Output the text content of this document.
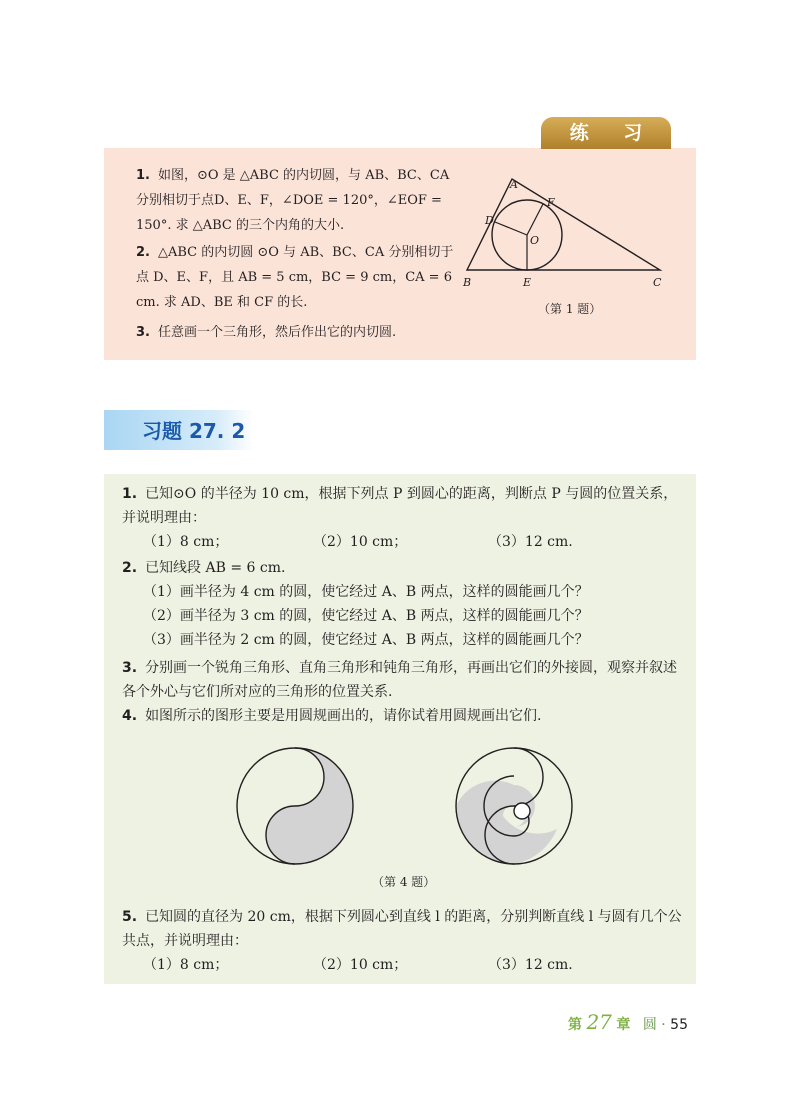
练 习
1. 如图，⊙O 是 △ABC 的内切圆，与 AB、BC、CA 分别相切于点D、E、F，∠DOE = 120°，∠EOF = 150°. 求 △ABC 的三个内角的大小.
2. △ABC 的内切圆 ⊙O 与 AB、BC、CA 分别相切于点 D、E、F，且 AB = 5 cm，BC = 9 cm，CA = 6 cm. 求 AD、BE 和 CF 的长.
3. 任意画一个三角形，然后作出它的内切圆.
A
B	C
D
E
F
O
（第 1 题）
习题 27. 2
1. 已知⊙O 的半径为 10 cm，根据下列点 P 到圆心的距离，判断点 P 与圆的位置关系，并说明理由：
（1）8 cm；	（2）10 cm；	（3）12 cm.
2. 已知线段 AB = 6 cm.
（1）画半径为 4 cm 的圆，使它经过 A、B 两点，这样的圆能画几个？
（2）画半径为 3 cm 的圆，使它经过 A、B 两点，这样的圆能画几个？
（3）画半径为 2 cm 的圆，使它经过 A、B 两点，这样的圆能画几个？
3. 分别画一个锐角三角形、直角三角形和钝角三角形，再画出它们的外接圆，观察并叙述各个外心与它们所对应的三角形的位置关系.
4. 如图所示的图形主要是用圆规画出的，请你试着用圆规画出它们.
（第 4 题）
5. 已知圆的直径为 20 cm，根据下列圆心到直线 l 的距离，分别判断直线 l 与圆有几个公共点，并说明理由：
（1）8 cm；	（2）10 cm；	（3）12 cm.
第 27 章 圆 · 55
